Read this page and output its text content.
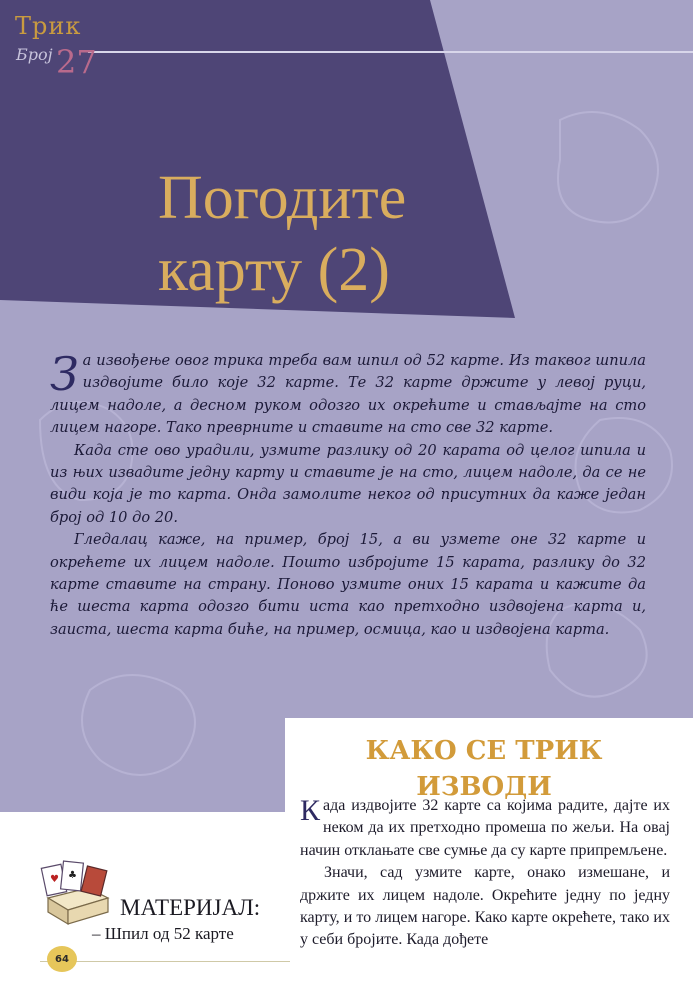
Трик
Број 27
Погодите
карту (2)

За извођење овог трика треба вам шпил од 52 карте. Из таквог шпила издвојите било које 32 карте. Те 32 карте држите у левој руци, лицем надоле, а десном руком одозго их окрећите и стављајте на сто лицем нагоре. Тако преврните и ставите на сто све 32 карте.

Када сте ово урадили, узмите разлику од 20 карата од целог шпила и из њих извадите једну карту и ставите је на сто, лицем надоле, да се не види која је то карта. Онда замолите неког од присутних да каже један број од 10 до 20.

Гледалац каже, на пример, број 15, а ви узмете оне 32 карте и окрећете их лицем надоле. Пошто избројите 15 карата, разлику до 32 карте ставите на страну. Поново узмите оних 15 карата и кажите да ће шеста карта одозго бити иста као претходно издвојена карта и, заиста, шеста карта биће, на пример, осмица, као и издвојена карта.

КАКО СЕ ТРИК
ИЗВОДИ

Када издвојите 32 карте са којима радите, дајте их неком да их претходно промеша по жељи. На овај начин отклањате све сумње да су карте припремљене.

Значи, сад узмите карте, онако измешане, и држите их лицем надоле. Окрећите једну по једну карту, и то лицем нагоре. Како карте окрећете, тако их у себи бројите. Када дођете

♥ ♣
МАТЕРИЈАЛ:
– Шпил од 52 карте
64
